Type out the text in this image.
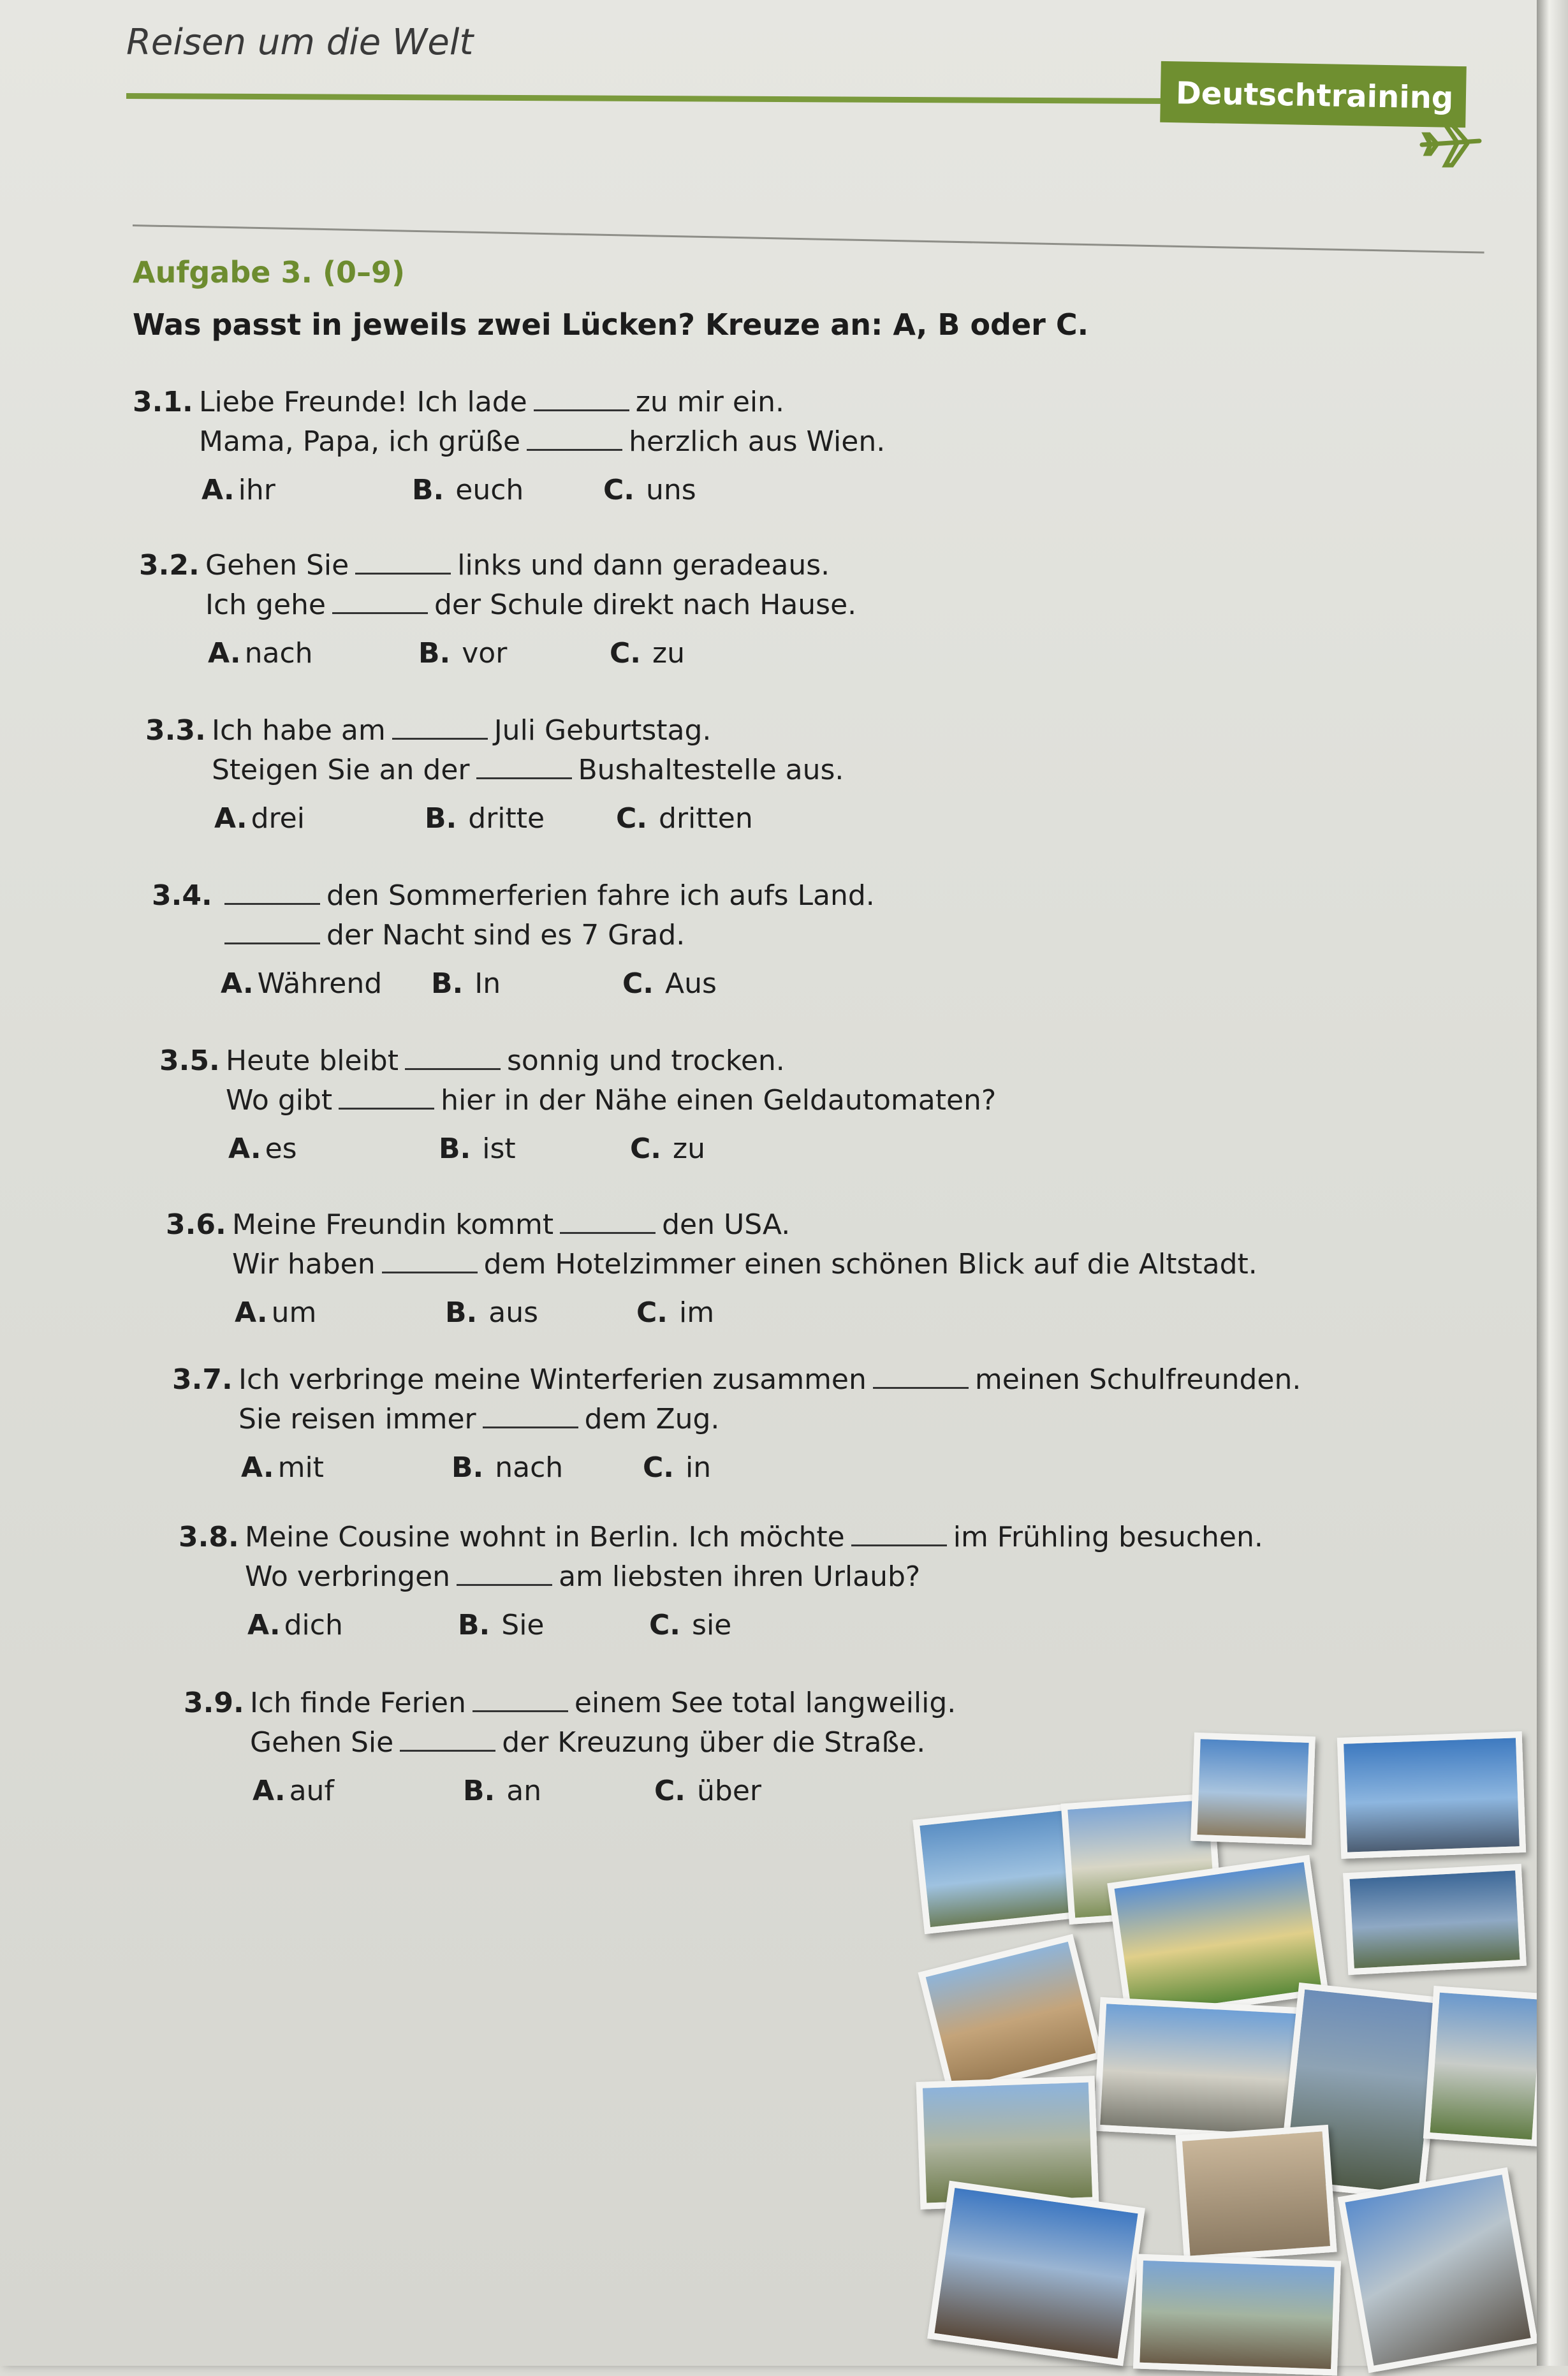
Reisen um die Welt
Deutschtraining
Aufgabe 3. (0–9)
Was passt in jeweils zwei Lücken? Kreuze an: A, B oder C.
3.1. Liebe Freunde! Ich lade	zu mir ein.
Mama, Papa, ich grüße	herzlich aus Wien.
A. ihr	B. euch	C. uns
3.2. Gehen Sie	links und dann geradeaus.
Ich gehe	der Schule direkt nach Hause.
A. nach	B. vor	C. zu
3.3. Ich habe am	Juli Geburtstag.
Steigen Sie an der	Bushaltestelle aus.
A. drei	B. dritte	C. dritten
3.4.	den Sommerferien fahre ich aufs Land.
der Nacht sind es 7 Grad.
A. Während B. In	C. Aus
3.5. Heute bleibt	sonnig und trocken.
Wo gibt	hier in der Nähe einen Geldautomaten?
A. es	B. ist	C. zu
3.6. Meine Freundin kommt	den USA.
Wir haben	dem Hotelzimmer einen schönen Blick auf die Altstadt.
A. um	B. aus	C. im
3.7. Ich verbringe meine Winterferien zusammen	meinen Schulfreunden.
Sie reisen immer	dem Zug.
A. mit	B. nach	C. in
3.8. Meine Cousine wohnt in Berlin. Ich möchte	im Frühling besuchen.
Wo verbringen	am liebsten ihren Urlaub?
A. dich	B. Sie	C. sie
3.9. Ich finde Ferien	einem See total langweilig.
Gehen Sie	der Kreuzung über die Straße.
A. auf	B. an	C. über
